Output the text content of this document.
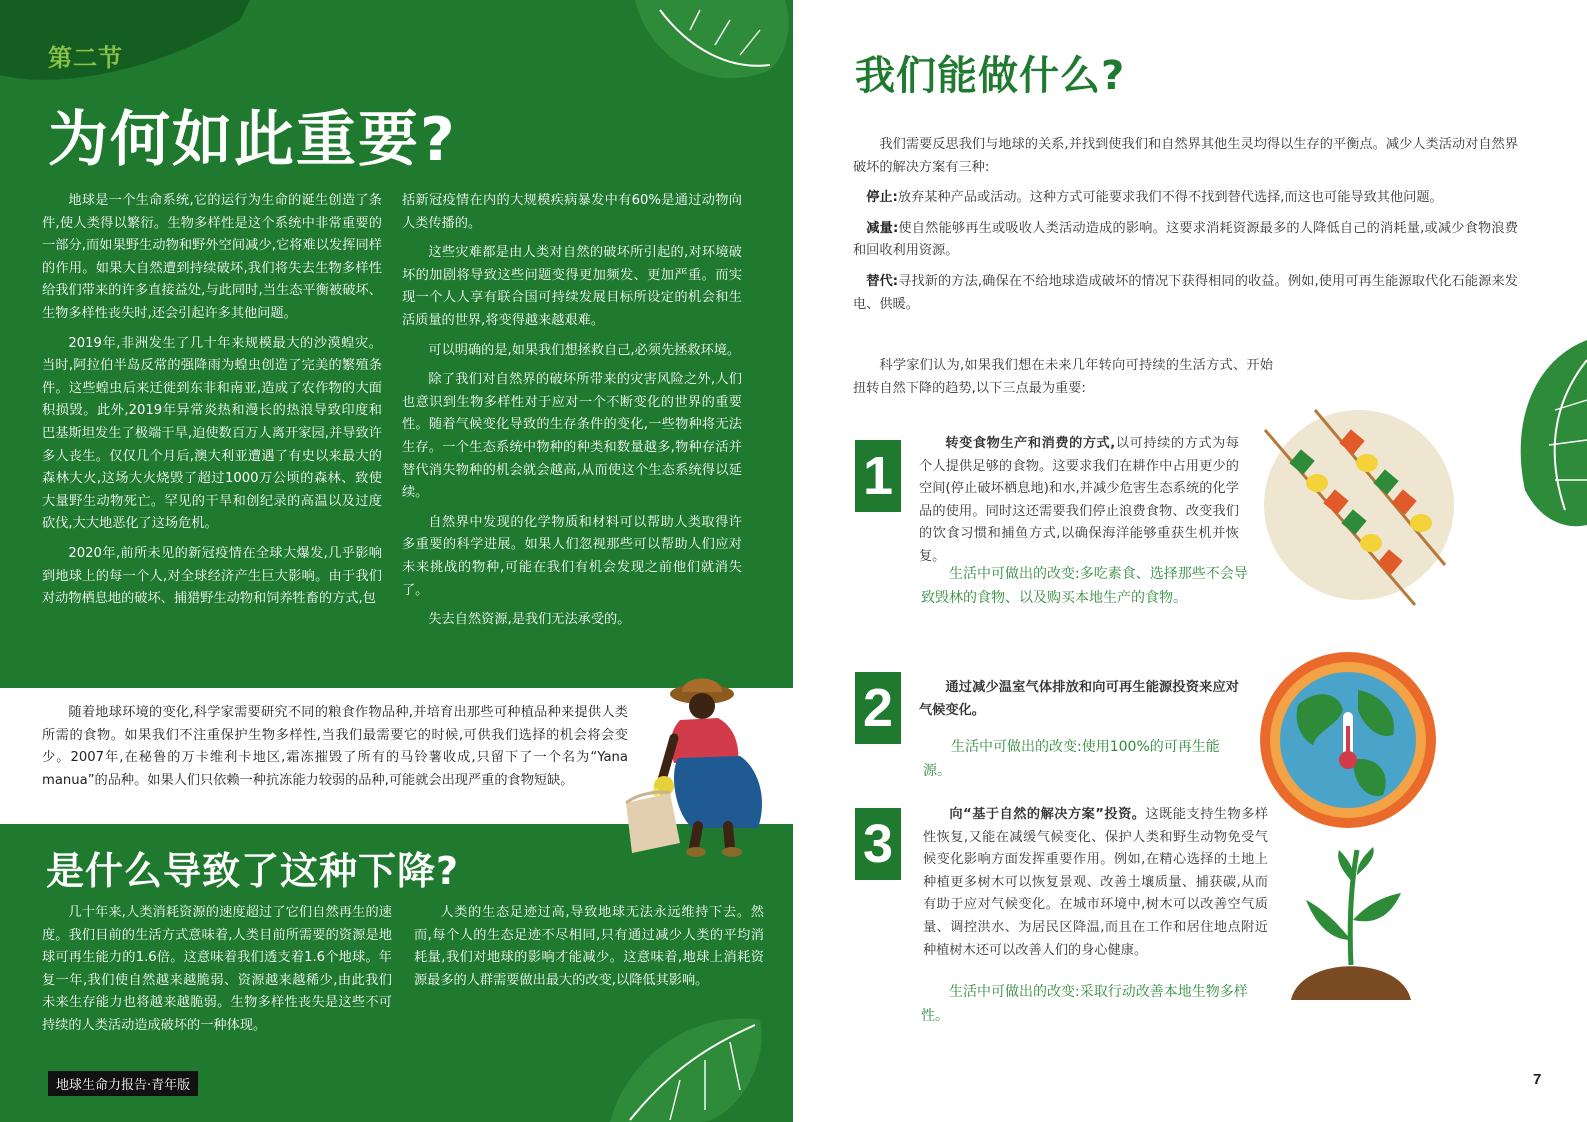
第二节
为何如此重要?

地球是一个生命系统,它的运行为生命的诞生创造了条件,使人类得以繁衍。生物多样性是这个系统中非常重要的一部分,而如果野生动物和野外空间减少,它将难以发挥同样的作用。如果大自然遭到持续破坏,我们将失去生物多样性给我们带来的许多直接益处,与此同时,当生态平衡被破坏、生物多样性丧失时,还会引起许多其他问题。

2019年,非洲发生了几十年来规模最大的沙漠蝗灾。当时,阿拉伯半岛反常的强降雨为蝗虫创造了完美的繁殖条件。这些蝗虫后来迁徙到东非和南亚,造成了农作物的大面积损毁。此外,2019年异常炎热和漫长的热浪导致印度和巴基斯坦发生了极端干旱,迫使数百万人离开家园,并导致许多人丧生。仅仅几个月后,澳大利亚遭遇了有史以来最大的森林大火,这场大火烧毁了超过1000万公顷的森林、致使大量野生动物死亡。罕见的干旱和创纪录的高温以及过度砍伐,大大地恶化了这场危机。

2020年,前所未见的新冠疫情在全球大爆发,几乎影响到地球上的每一个人,对全球经济产生巨大影响。由于我们对动物栖息地的破坏、捕猎野生动物和饲养牲畜的方式,包

括新冠疫情在内的大规模疾病暴发中有60%是通过动物向人类传播的。

这些灾难都是由人类对自然的破坏所引起的,对环境破坏的加剧将导致这些问题变得更加频发、更加严重。而实现一个人人享有联合国可持续发展目标所设定的机会和生活质量的世界,将变得越来越艰难。

可以明确的是,如果我们想拯救自己,必须先拯救环境。

除了我们对自然界的破坏所带来的灾害风险之外,人们也意识到生物多样性对于应对一个不断变化的世界的重要性。随着气候变化导致的生存条件的变化,一些物种将无法生存。一个生态系统中物种的种类和数量越多,物种存活并替代消失物种的机会就会越高,从而使这个生态系统得以延续。

自然界中发现的化学物质和材料可以帮助人类取得许多重要的科学进展。如果人们忽视那些可以帮助人们应对未来挑战的物种,可能在我们有机会发现之前他们就消失了。

失去自然资源,是我们无法承受的。

随着地球环境的变化,科学家需要研究不同的粮食作物品种,并培育出那些可种植品种来提供人类所需的食物。如果我们不注重保护生物多样性,当我们最需要它的时候,可供我们选择的机会将会变少。2007年,在秘鲁的万卡维利卡地区,霜冻摧毁了所有的马铃薯收成,只留下了一个名为“Yana manua”的品种。如果人们只依赖一种抗冻能力较弱的品种,可能就会出现严重的食物短缺。

是什么导致了这种下降?

几十年来,人类消耗资源的速度超过了它们自然再生的速度。我们目前的生活方式意味着,人类目前所需要的资源是地球可再生能力的1.6倍。这意味着我们透支着1.6个地球。年复一年,我们使自然越来越脆弱、资源越来越稀少,由此我们未来生存能力也将越来越脆弱。生物多样性丧失是这些不可持续的人类活动造成破坏的一种体现。

人类的生态足迹过高,导致地球无法永远维持下去。然而,每个人的生态足迹不尽相同,只有通过减少人类的平均消耗量,我们对地球的影响才能减少。这意味着,地球上消耗资源最多的人群需要做出最大的改变,以降低其影响。

地球生命力报告·青年版
我们能做什么?

我们需要反思我们与地球的关系,并找到使我们和自然界其他生灵均得以生存的平衡点。减少人类活动对自然界破坏的解决方案有三种:

停止:放弃某种产品或活动。这种方式可能要求我们不得不找到替代选择,而这也可能导致其他问题。

减量:使自然能够再生或吸收人类活动造成的影响。这要求消耗资源最多的人降低自己的消耗量,或减少食物浪费和回收利用资源。

替代:寻找新的方法,确保在不给地球造成破坏的情况下获得相同的收益。例如,使用可再生能源取代化石能源来发电、供暖。

科学家们认为,如果我们想在未来几年转向可持续的生活方式、开始扭转自然下降的趋势,以下三点最为重要:

1

转变食物生产和消费的方式,以可持续的方式为每个人提供足够的食物。这要求我们在耕作中占用更少的空间(停止破坏栖息地)和水,并减少危害生态系统的化学品的使用。同时这还需要我们停止浪费食物、改变我们的饮食习惯和捕鱼方式,以确保海洋能够重获生机并恢复。

生活中可做出的改变:多吃素食、选择那些不会导致毁林的食物、以及购买本地生产的食物。

2	通过减少温室气体排放和向可再生能源投资来应对气候变化。

生活中可做出的改变:使用100%的可再生能源。

3	向“基于自然的解决方案”投资。这既能支持生物多样性恢复,又能在减缓气候变化、保护人类和野生动物免受气候变化影响方面发挥重要作用。例如,在精心选择的土地上种植更多树木可以恢复景观、改善土壤质量、捕获碳,从而有助于应对气候变化。在城市环境中,树木可以改善空气质量、调控洪水、为居民区降温,而且在工作和居住地点附近种植树木还可以改善人们的身心健康。

生活中可做出的改变:采取行动改善本地生物多样性。

7
